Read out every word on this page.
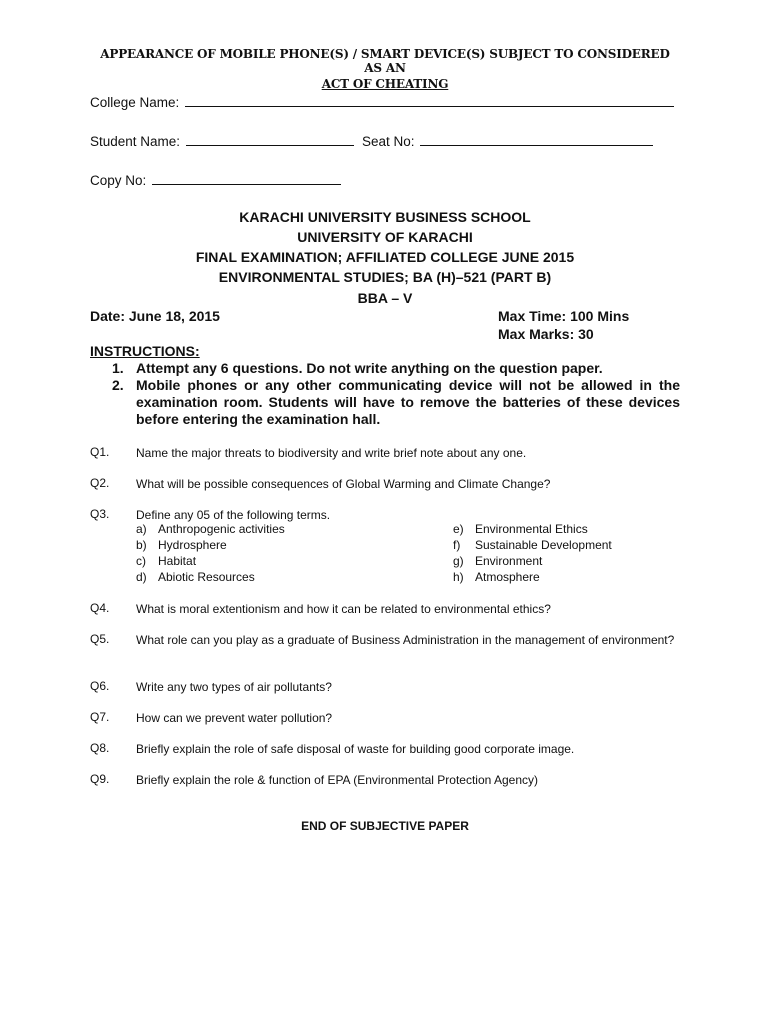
APPEARANCE OF MOBILE PHONE(S) / SMART DEVICE(S) SUBJECT TO CONSIDERED AS AN
ACT OF CHEATING
College Name:
Student Name:	Seat No:
Copy No:
KARACHI UNIVERSITY BUSINESS SCHOOL
UNIVERSITY OF KARACHI
FINAL EXAMINATION; AFFILIATED COLLEGE JUNE 2015
ENVIRONMENTAL STUDIES; BA (H)–521 (PART B)
BBA – V
Date: June 18, 2015	Max Time: 100 Mins
Max Marks: 30
INSTRUCTIONS:
1. Attempt any 6 questions. Do not write anything on the question paper.
2. Mobile phones or any other communicating device will not be allowed in the examination room. Students will have to remove the batteries of these devices before entering the examination hall.
Q1. Name the major threats to biodiversity and write brief note about any one.
Q2. What will be possible consequences of Global Warming and Climate Change?
Q3. Define any 05 of the following terms.
a) Anthropogenic activities
b) Hydrosphere
c) Habitat
d) Abiotic Resources
e) Environmental Ethics
f) Sustainable Development
g) Environment
h) Atmosphere
Q4. What is moral extentionism and how it can be related to environmental ethics?
Q5. What role can you play as a graduate of Business Administration in the management of environment?
Q6. Write any two types of air pollutants?
Q7. How can we prevent water pollution?
Q8. Briefly explain the role of safe disposal of waste for building good corporate image.
Q9. Briefly explain the role & function of EPA (Environmental Protection Agency)
END OF SUBJECTIVE PAPER
